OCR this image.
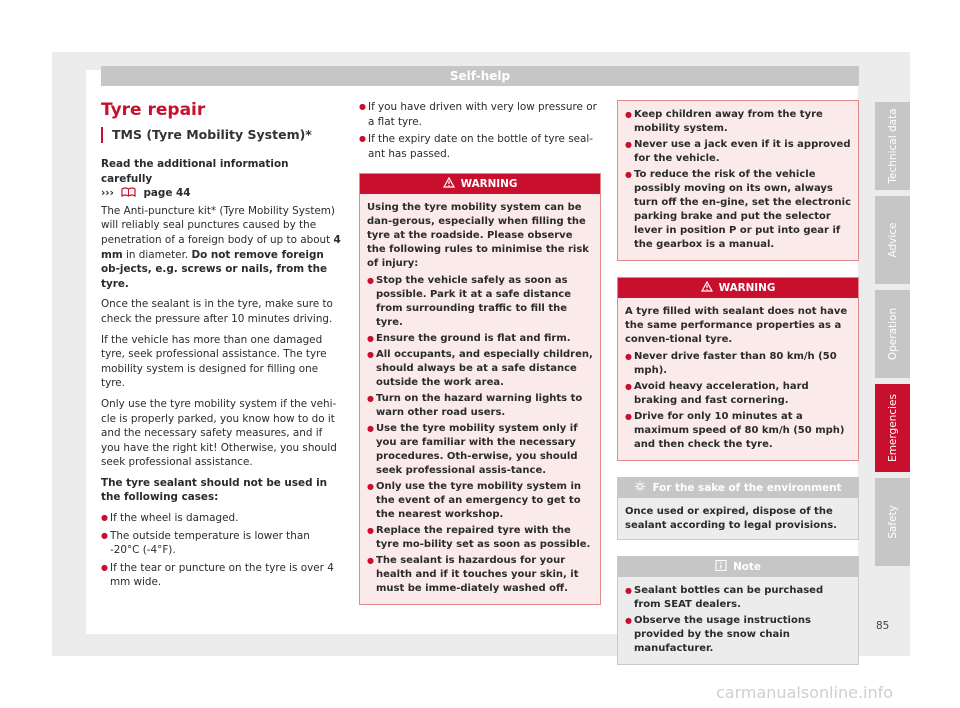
Self-help
Tyre repair
TMS (Tyre Mobility System)*

Read the additional information carefully
›››	page 44

The Anti-puncture kit* (Tyre Mobility System) will reliably seal punctures caused by the penetration of a foreign body of up to about 4 mm in diameter. Do not remove foreign ob-jects, e.g. screws or nails, from the tyre.

Once the sealant is in the tyre, make sure to check the pressure after 10 minutes driving.

If the vehicle has more than one damaged tyre, seek professional assistance. The tyre mobility system is designed for filling one tyre.

Only use the tyre mobility system if the vehi-cle is properly parked, you know how to do it and the necessary safety measures, and if you have the right kit! Otherwise, you should seek professional assistance.

The tyre sealant should not be used in the following cases:

● If the wheel is damaged.
● The outside temperature is lower than -20°C (-4°F).
● If the tear or puncture on the tyre is over 4 mm wide.
● If you have driven with very low pressure or a flat tyre.
● If the expiry date on the bottle of tyre seal-ant has passed.
WARNING

Using the tyre mobility system can be dan-gerous, especially when filling the tyre at the roadside. Please observe the following rules to minimise the risk of injury:

● Stop the vehicle safely as soon as possible. Park it at a safe distance from surrounding traffic to fill the tyre.
● Ensure the ground is flat and firm.
● All occupants, and especially children, should always be at a safe distance outside the work area.
● Turn on the hazard warning lights to warn other road users.
● Use the tyre mobility system only if you are familiar with the necessary procedures. Oth-erwise, you should seek professional assis-tance.
● Only use the tyre mobility system in the event of an emergency to get to the nearest workshop.
● Replace the repaired tyre with the tyre mo-bility set as soon as possible.
● The sealant is hazardous for your health and if it touches your skin, it must be imme-diately washed off.
● Keep children away from the tyre mobility system.
● Never use a jack even if it is approved for the vehicle.
● To reduce the risk of the vehicle possibly moving on its own, always turn off the en-gine, set the electronic parking brake and put the selector lever in position P or put into gear if the gearbox is a manual.
WARNING

A tyre filled with sealant does not have the same performance properties as a conven-tional tyre.

● Never drive faster than 80 km/h (50 mph).
● Avoid heavy acceleration, hard braking and fast cornering.
● Drive for only 10 minutes at a maximum speed of 80 km/h (50 mph) and then check the tyre.
For the sake of the environment
Once used or expired, dispose of the sealant according to legal provisions.
Note
● Sealant bottles can be purchased from SEAT dealers.
● Observe the usage instructions provided by the snow chain manufacturer.
Technical data
Advice
Operation
Emergencies
Safety
85
carmanualsonline.info
